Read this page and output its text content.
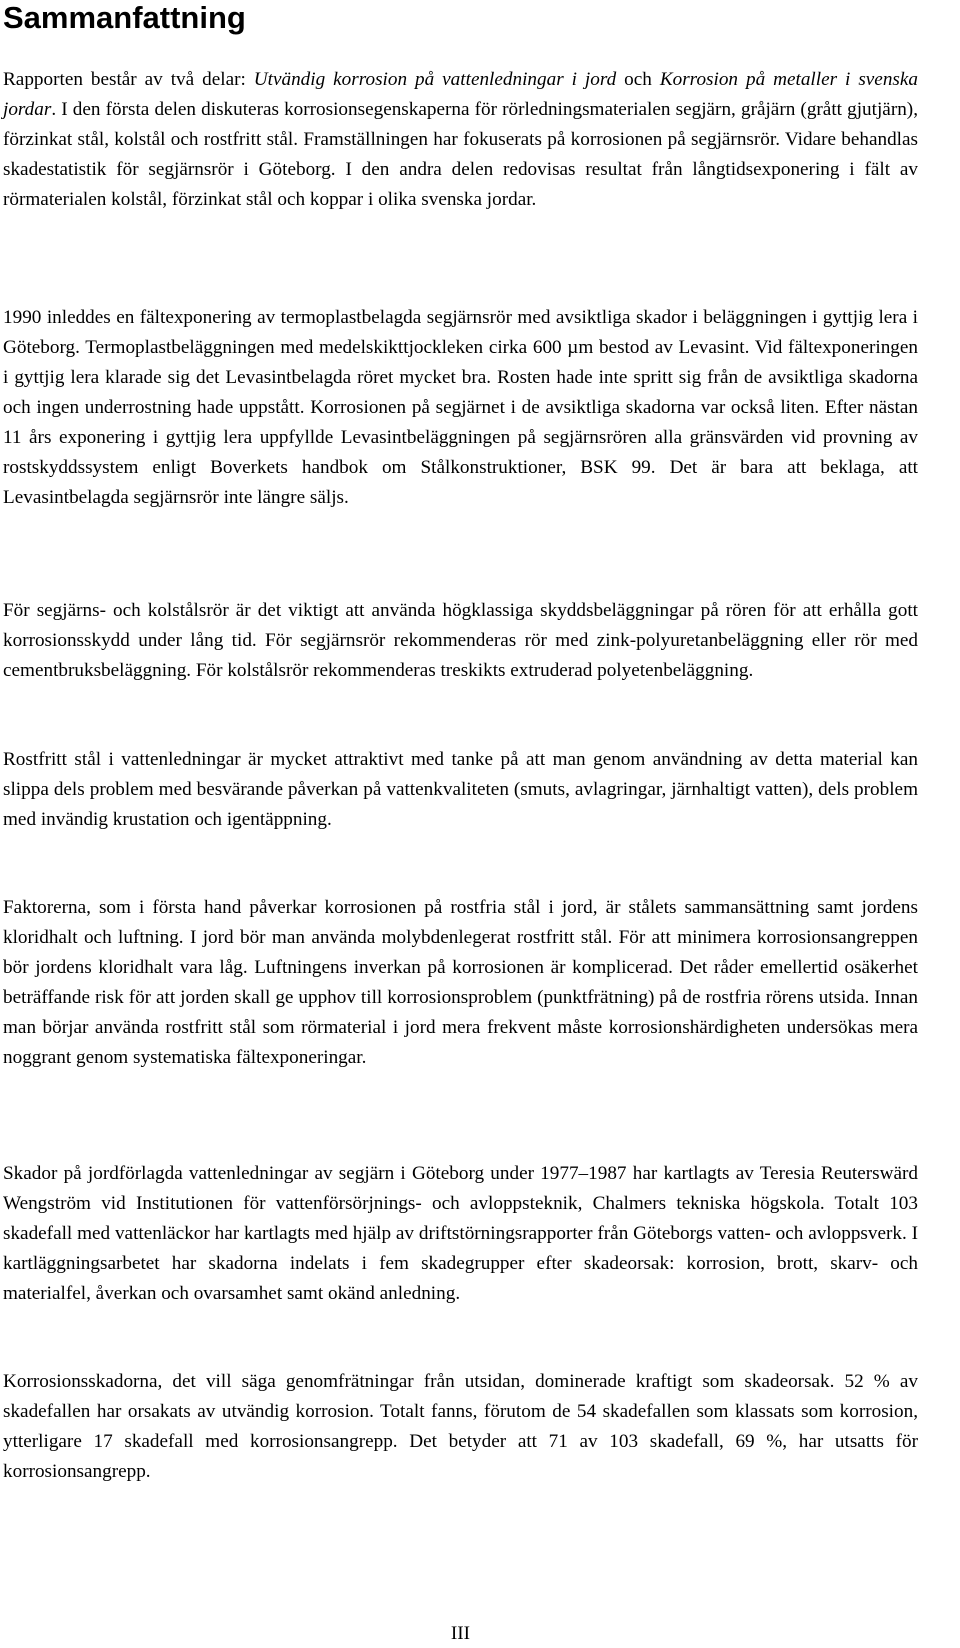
Sammanfattning

Rapporten består av två delar: Utvändig korrosion på vattenledningar i jord och Korrosion på metaller i svenska jordar. I den första delen diskuteras korrosionsegenskaperna för rörledningsmaterialen segjärn, gråjärn (grått gjutjärn), förzinkat stål, kolstål och rostfritt stål. Framställningen har fokuserats på korrosionen på segjärnsrör. Vidare behandlas skadestatistik för segjärnsrör i Göteborg. I den andra delen redovisas resultat från långtidsexponering i fält av rörmaterialen kolstål, förzinkat stål och koppar i olika svenska jordar.

1990 inleddes en fältexponering av termoplastbelagda segjärnsrör med avsiktliga skador i beläggningen i gyttjig lera i Göteborg. Termoplastbeläggningen med medelskikttjockleken cirka 600 µm bestod av Levasint. Vid fältexponeringen i gyttjig lera klarade sig det Levasintbelagda röret mycket bra. Rosten hade inte spritt sig från de avsiktliga skadorna och ingen underrostning hade uppstått. Korrosionen på segjärnet i de avsiktliga skadorna var också liten. Efter nästan 11 års exponering i gyttjig lera uppfyllde Levasintbeläggningen på segjärnsrören alla gränsvärden vid provning av rostskyddssystem enligt Boverkets handbok om Stålkonstruktioner, BSK 99. Det är bara att beklaga, att Levasintbelagda segjärnsrör inte längre säljs.

För segjärns- och kolstålsrör är det viktigt att använda högklassiga skyddsbeläggningar på rören för att erhålla gott korrosionsskydd under lång tid. För segjärnsrör rekommenderas rör med zink-polyuretanbeläggning eller rör med cementbruksbeläggning. För kolstålsrör rekommenderas treskikts extruderad polyetenbeläggning.

Rostfritt stål i vattenledningar är mycket attraktivt med tanke på att man genom användning av detta material kan slippa dels problem med besvärande påverkan på vattenkvaliteten (smuts, avlagringar, järnhaltigt vatten), dels problem med invändig krustation och igentäppning.

Faktorerna, som i första hand påverkar korrosionen på rostfria stål i jord, är stålets sammansättning samt jordens kloridhalt och luftning. I jord bör man använda molybdenlegerat rostfritt stål. För att minimera korrosionsangreppen bör jordens kloridhalt vara låg. Luftningens inverkan på korrosionen är komplicerad. Det råder emellertid osäkerhet beträffande risk för att jorden skall ge upphov till korrosionsproblem (punktfrätning) på de rostfria rörens utsida. Innan man börjar använda rostfritt stål som rörmaterial i jord mera frekvent måste korrosionshärdigheten undersökas mera noggrant genom systematiska fältexponeringar.

Skador på jordförlagda vattenledningar av segjärn i Göteborg under 1977–1987 har kartlagts av Teresia Reuterswärd Wengström vid Institutionen för vattenförsörjnings- och avloppsteknik, Chalmers tekniska högskola. Totalt 103 skadefall med vattenläckor har kartlagts med hjälp av driftstörningsrapporter från Göteborgs vatten- och avloppsverk. I kartläggningsarbetet har skadorna indelats i fem skadegrupper efter skadeorsak: korrosion, brott, skarv- och materialfel, åverkan och ovarsamhet samt okänd anledning.

Korrosionsskadorna, det vill säga genomfrätningar från utsidan, dominerade kraftigt som skadeorsak. 52 % av skadefallen har orsakats av utvändig korrosion. Totalt fanns, förutom de 54 skadefallen som klassats som korrosion, ytterligare 17 skadefall med korrosionsangrepp. Det betyder att 71 av 103 skadefall, 69 %, har utsatts för korrosionsangrepp.

III
